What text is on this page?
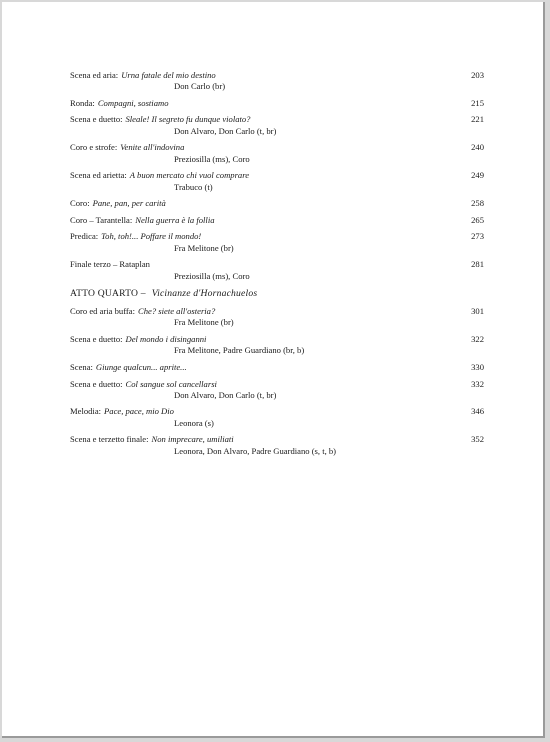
Scena ed aria: Urna fatale del mio destino	203
Don Carlo (br)
Ronda: Compagni, sostiamo	215
Scena e duetto: Sleale! Il segreto fu dunque violato?	221
Don Alvaro, Don Carlo (t, br)
Coro e strofe: Venite all'indovina	240
Preziosilla (ms), Coro
Scena ed arietta: A buon mercato chi vuol comprare	249
Trabuco (t)
Coro: Pane, pan, per carità	258
Coro – Tarantella: Nella guerra è la follia	265
Predica: Toh, toh!... Poffare il mondo!	273
Fra Melitone (br)
Finale terzo – Rataplan	281
Preziosilla (ms), Coro
ATTO QUARTO – Vicinanze d'Hornachuelos
Coro ed aria buffa: Che? siete all'osteria?	301
Fra Melitone (br)
Scena e duetto: Del mondo i disinganni	322
Fra Melitone, Padre Guardiano (br, b)
Scena: Giunge qualcun... aprite...	330
Scena e duetto: Col sangue sol cancellarsi	332
Don Alvaro, Don Carlo (t, br)
Melodia: Pace, pace, mio Dio	346
Leonora (s)
Scena e terzetto finale: Non imprecare, umiliati	352
Leonora, Don Alvaro, Padre Guardiano (s, t, b)
